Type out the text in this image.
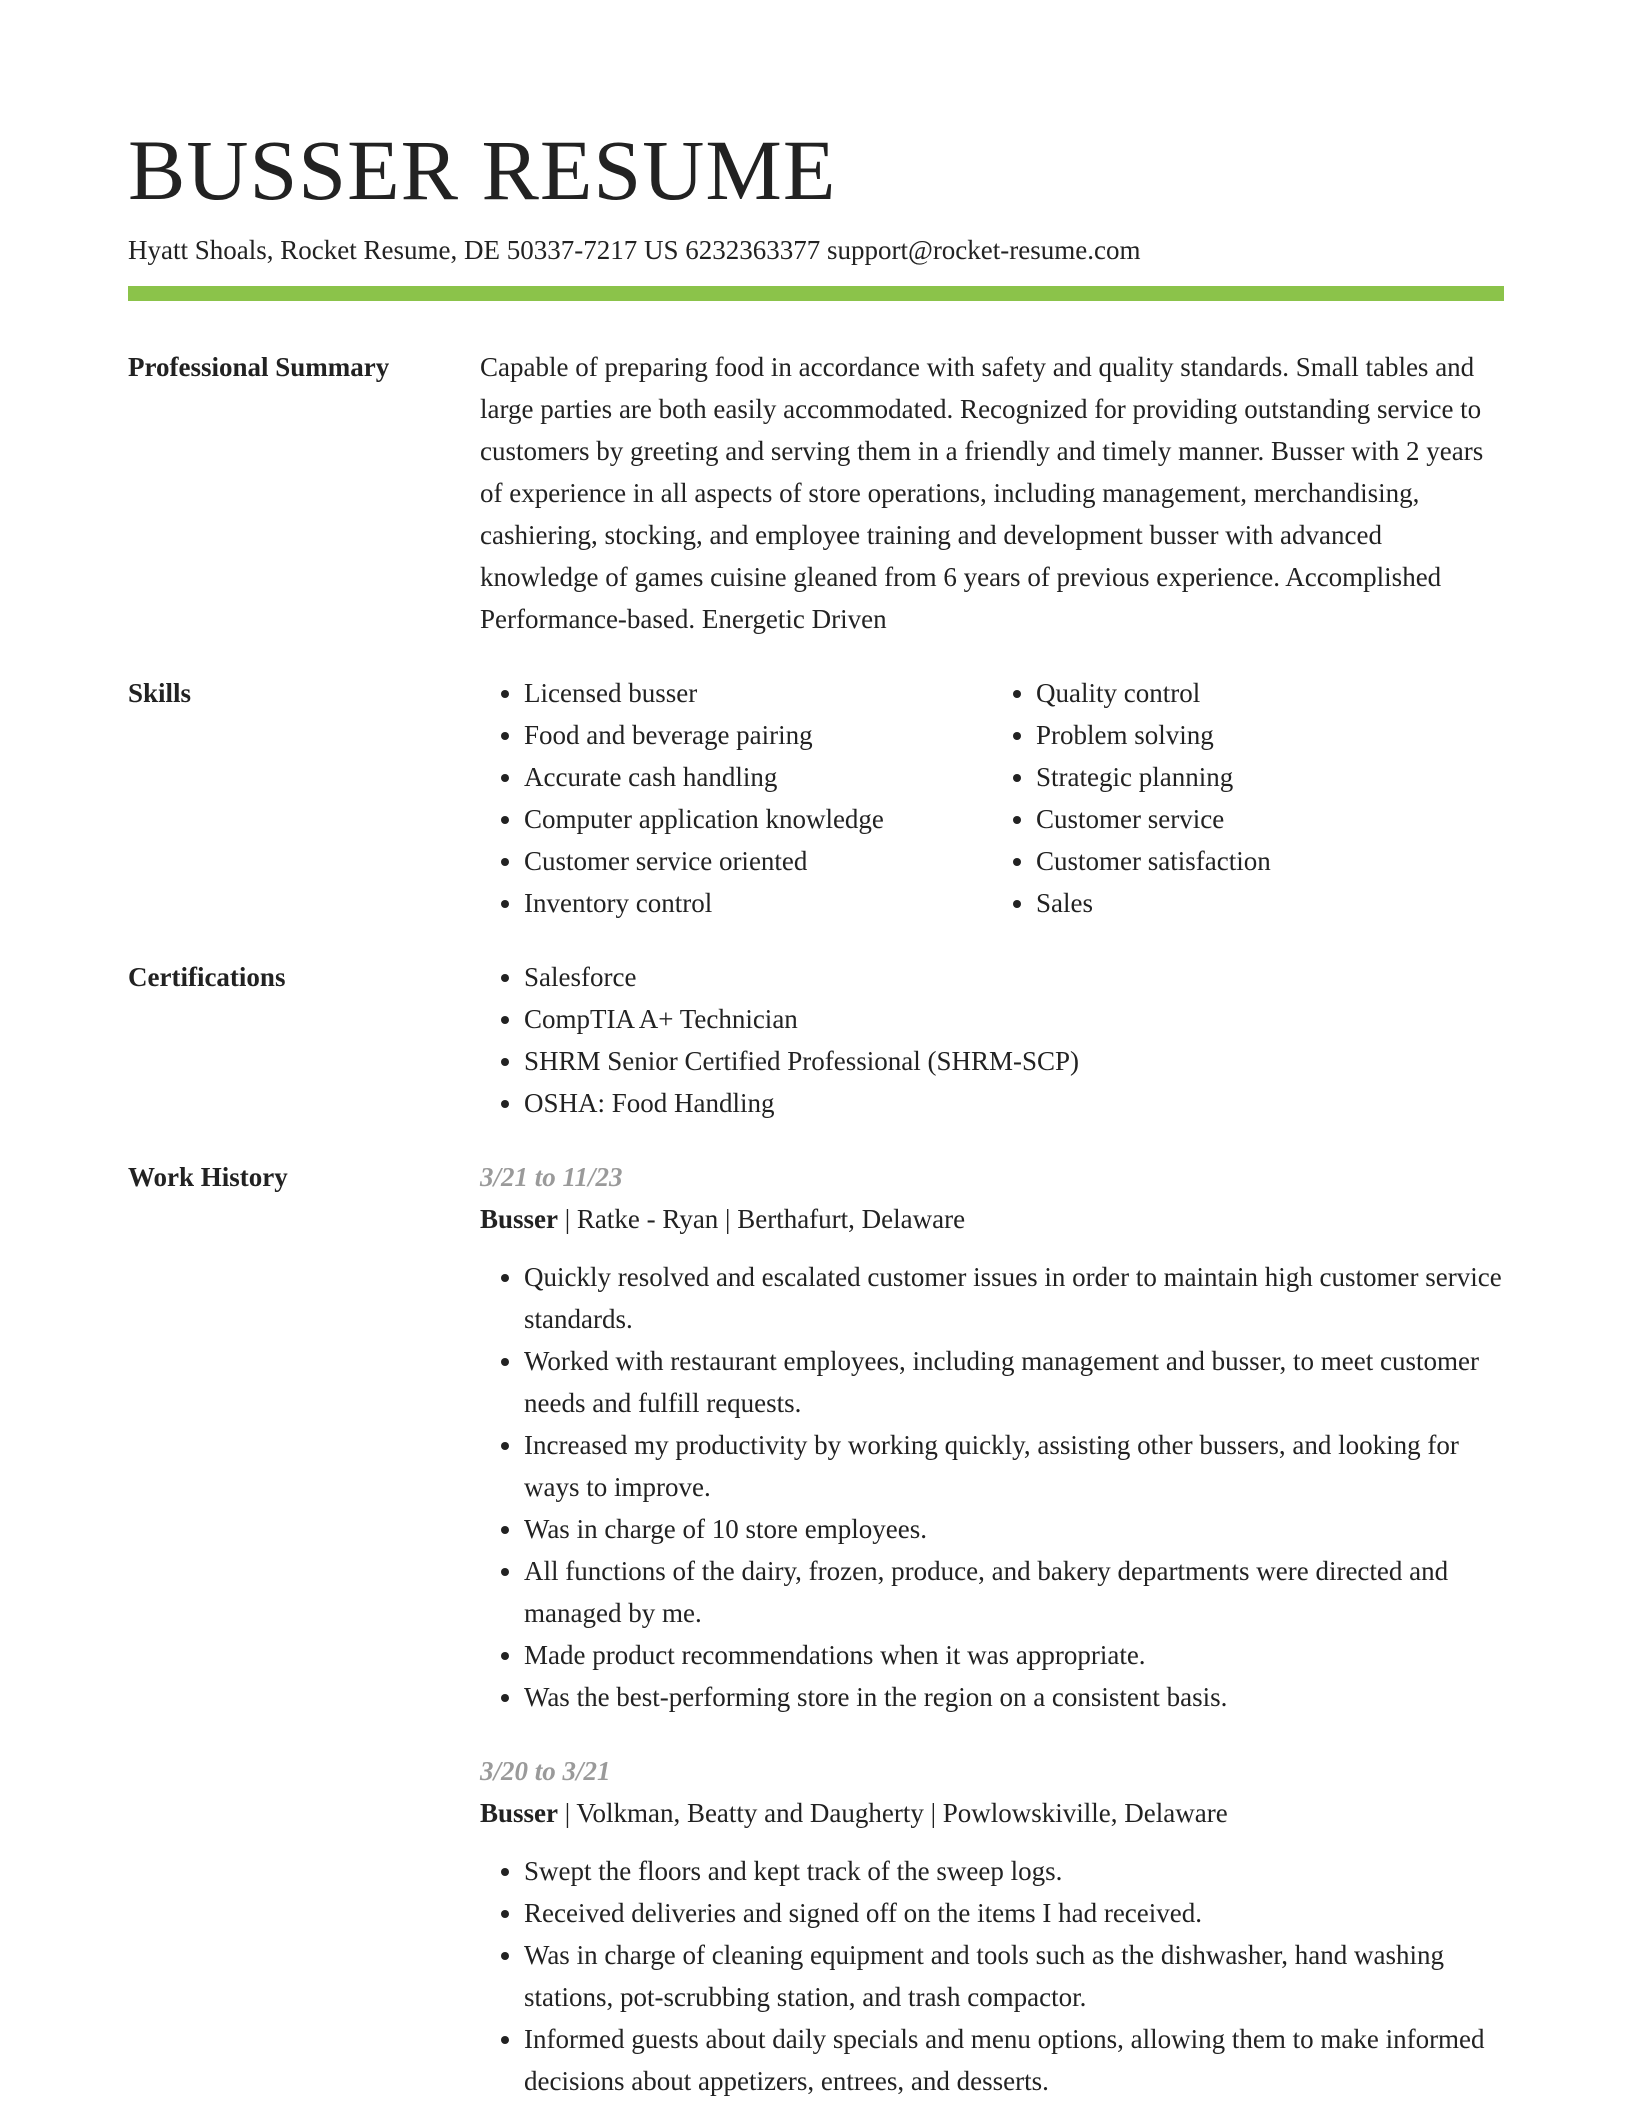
BUSSER RESUME
Hyatt Shoals, Rocket Resume, DE 50337-7217 US 6232363377 support@rocket-resume.com
Professional Summary	Capable of preparing food in accordance with safety and quality standards. Small tables and large parties are both easily accommodated. Recognized for providing outstanding service to customers by greeting and serving them in a friendly and timely manner. Busser with 2 years of experience in all aspects of store operations, including management, merchandising, cashiering, stocking, and employee training and development busser with advanced knowledge of games cuisine gleaned from 6 years of previous experience. Accomplished Performance-based. Energetic Driven

Skills	• Licensed busser
• Food and beverage pairing
• Accurate cash handling
• Computer application knowledge
• Customer service oriented
• Inventory control
• Quality control
• Problem solving
• Strategic planning
• Customer service
• Customer satisfaction
• Sales
Certifications	• Salesforce
• CompTIA A+ Technician
• SHRM Senior Certified Professional (SHRM-SCP)
• OSHA: Food Handling
Work History	3/21 to 11/23
Busser | Ratke - Ryan | Berthafurt, Delaware
• Quickly resolved and escalated customer issues in order to maintain high customer service standards.
• Worked with restaurant employees, including management and busser, to meet customer needs and fulfill requests.
• Increased my productivity by working quickly, assisting other bussers, and looking for ways to improve.
• Was in charge of 10 store employees.
• All functions of the dairy, frozen, produce, and bakery departments were directed and managed by me.
• Made product recommendations when it was appropriate.
• Was the best-performing store in the region on a consistent basis.
3/20 to 3/21
Busser | Volkman, Beatty and Daugherty | Powlowskiville, Delaware
• Swept the floors and kept track of the sweep logs.
• Received deliveries and signed off on the items I had received.
• Was in charge of cleaning equipment and tools such as the dishwasher, hand washing stations, pot-scrubbing station, and trash compactor.
• Informed guests about daily specials and menu options, allowing them to make informed decisions about appetizers, entrees, and desserts.
